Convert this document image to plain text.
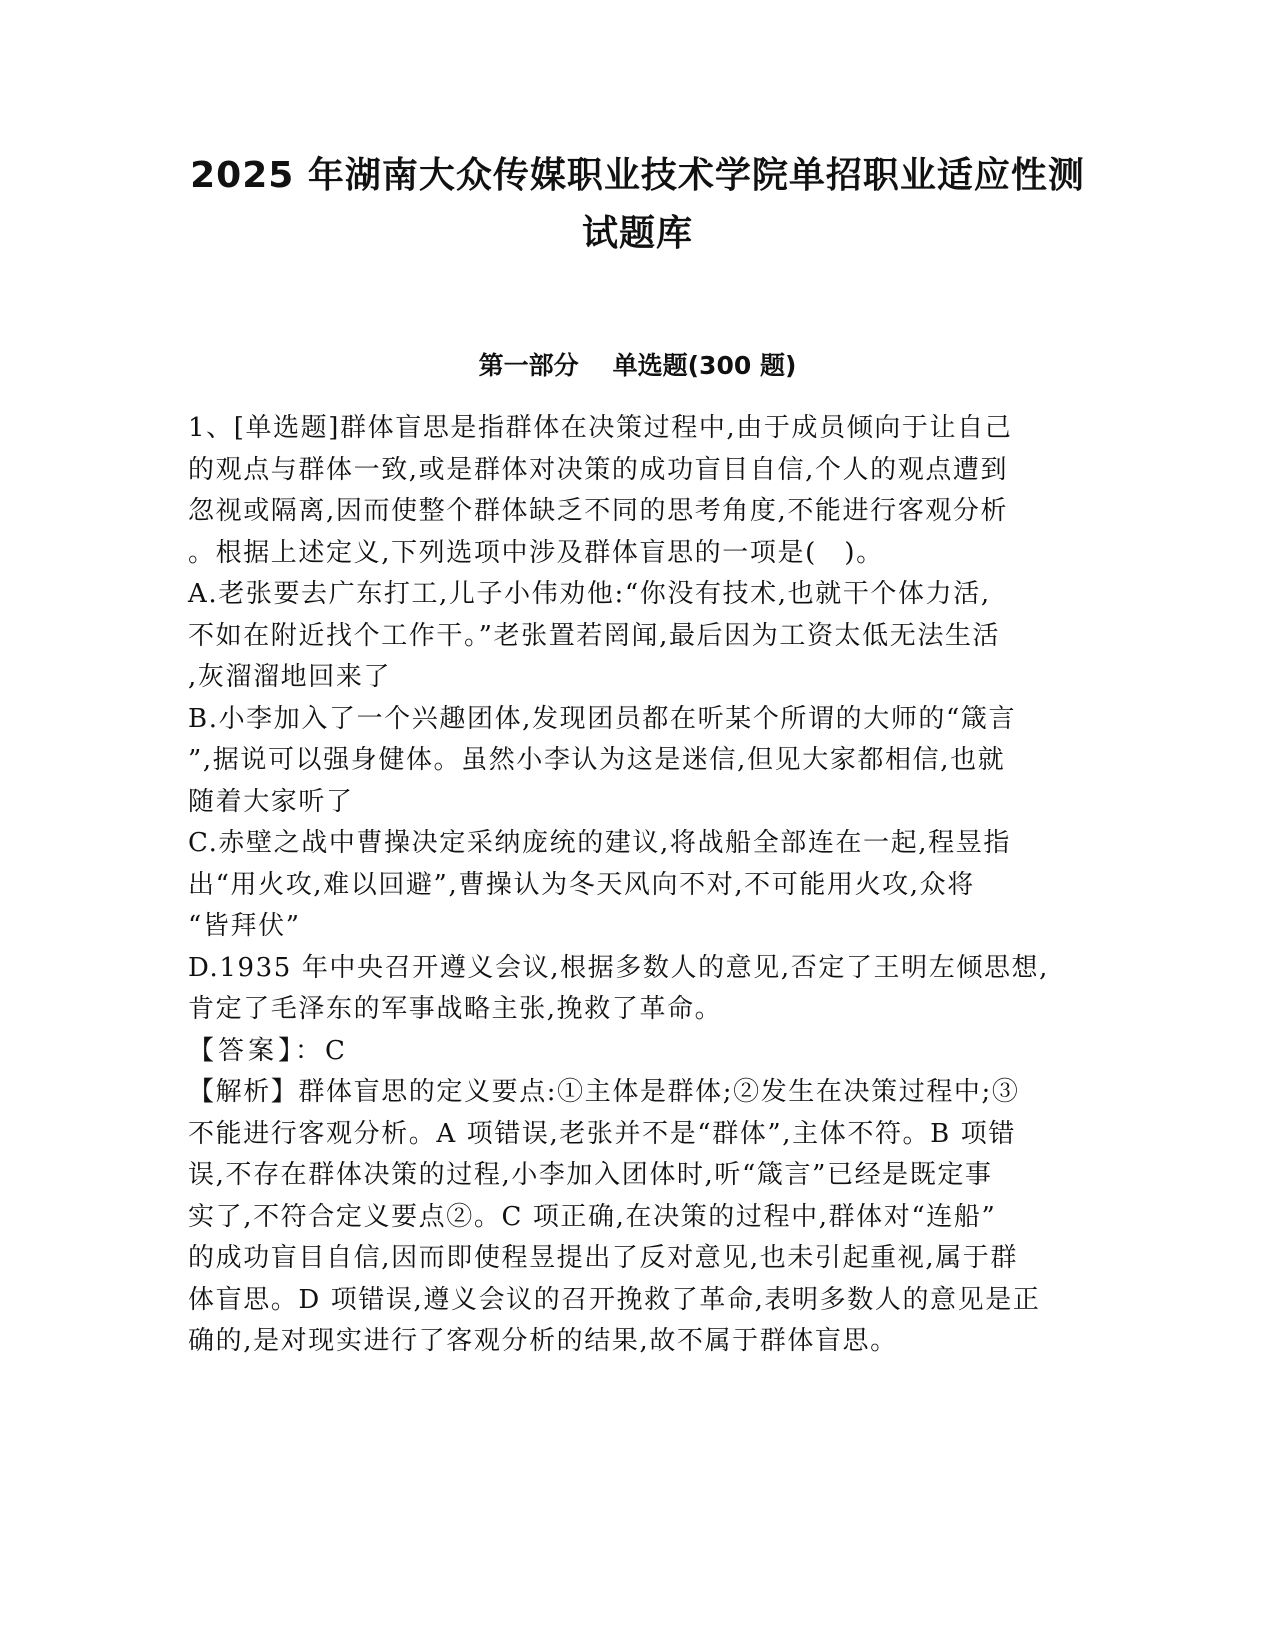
2025 年湖南大众传媒职业技术学院单招职业适应性测
试题库
第一部分 单选题(300 题)
1、[单选题]群体盲思是指群体在决策过程中,由于成员倾向于让自己
的观点与群体一致,或是群体对决策的成功盲目自信,个人的观点遭到
忽视或隔离,因而使整个群体缺乏不同的思考角度,不能进行客观分析
。根据上述定义,下列选项中涉及群体盲思的一项是(　)。
A.老张要去广东打工,儿子小伟劝他:“你没有技术,也就干个体力活,
不如在附近找个工作干。”老张置若罔闻,最后因为工资太低无法生活
,灰溜溜地回来了
B.小李加入了一个兴趣团体,发现团员都在听某个所谓的大师的“箴言
”,据说可以强身健体。虽然小李认为这是迷信,但见大家都相信,也就
随着大家听了
C.赤壁之战中曹操决定采纳庞统的建议,将战船全部连在一起,程昱指
出“用火攻,难以回避”,曹操认为冬天风向不对,不可能用火攻,众将
“皆拜伏”
D.1935 年中央召开遵义会议,根据多数人的意见,否定了王明左倾思想,
肯定了毛泽东的军事战略主张,挽救了革命。
【答案】：C
【解析】群体盲思的定义要点:①主体是群体;②发生在决策过程中;③
不能进行客观分析。A 项错误,老张并不是“群体”,主体不符。B 项错
误,不存在群体决策的过程,小李加入团体时,听“箴言”已经是既定事
实了,不符合定义要点②。C 项正确,在决策的过程中,群体对“连船”
的成功盲目自信,因而即使程昱提出了反对意见,也未引起重视,属于群
体盲思。D 项错误,遵义会议的召开挽救了革命,表明多数人的意见是正
确的,是对现实进行了客观分析的结果,故不属于群体盲思。
